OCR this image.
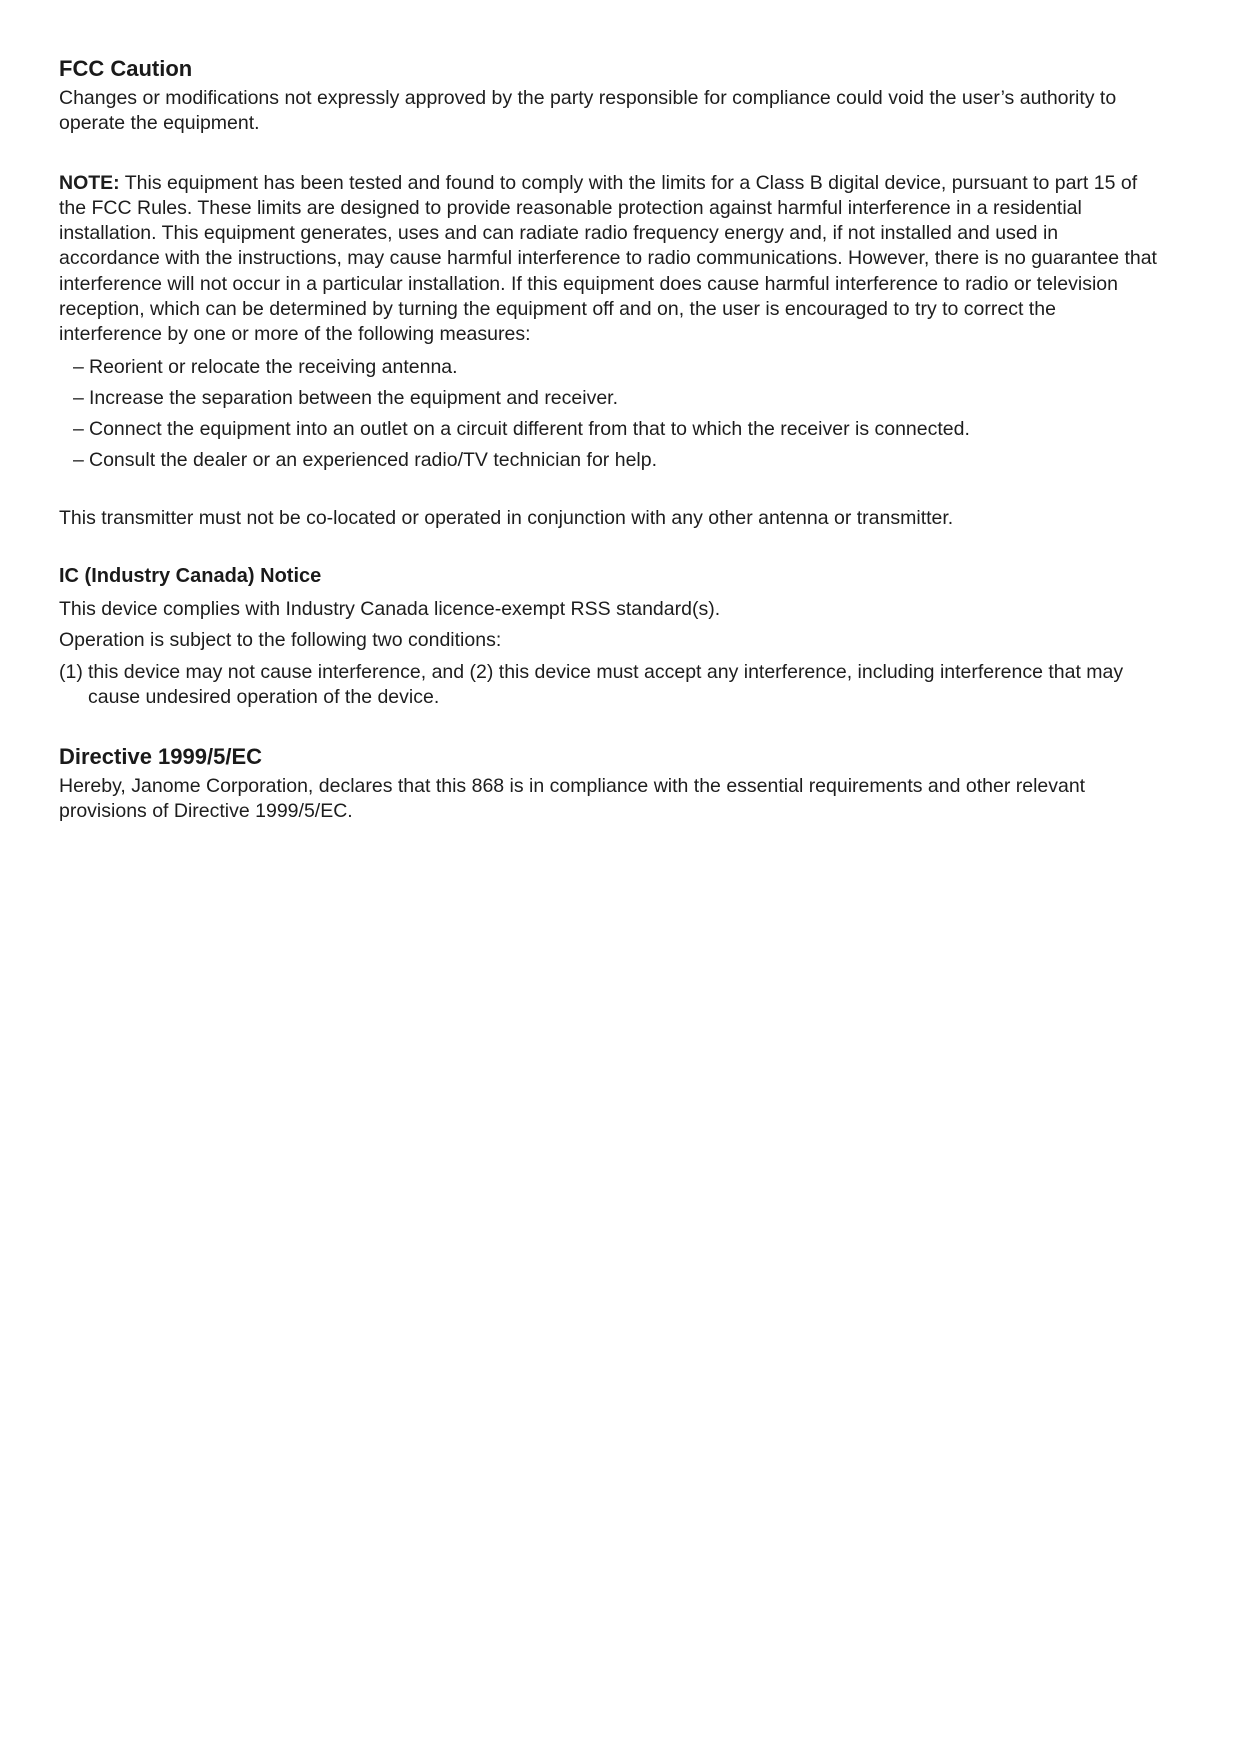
FCC Caution

Changes or modifications not expressly approved by the party responsible for compliance could void the user’s authority to operate the equipment.

NOTE: This equipment has been tested and found to comply with the limits for a Class B digital device, pursuant to part 15 of the FCC Rules. These limits are designed to provide reasonable protection against harmful interference in a residential installation. This equipment generates, uses and can radiate radio frequency energy and, if not installed and used in accordance with the instructions, may cause harmful interference to radio communications. However, there is no guarantee that interference will not occur in a particular installation. If this equipment does cause harmful interference to radio or television reception, which can be determined by turning the equipment off and on, the user is encouraged to try to correct the interference by one or more of the following measures:

– Reorient or relocate the receiving antenna.
– Increase the separation between the equipment and receiver.
– Connect the equipment into an outlet on a circuit different from that to which the receiver is connected.
– Consult the dealer or an experienced radio/TV technician for help.

This transmitter must not be co-located or operated in conjunction with any other antenna or transmitter.

IC (Industry Canada) Notice

This device complies with Industry Canada licence-exempt RSS standard(s).

Operation is subject to the following two conditions:

(1) this device may not cause interference, and (2) this device must accept any interference, including interference that may cause undesired operation of the device.

Directive 1999/5/EC

Hereby, Janome Corporation, declares that this 868 is in compliance with the essential requirements and other relevant provisions of Directive 1999/5/EC.
